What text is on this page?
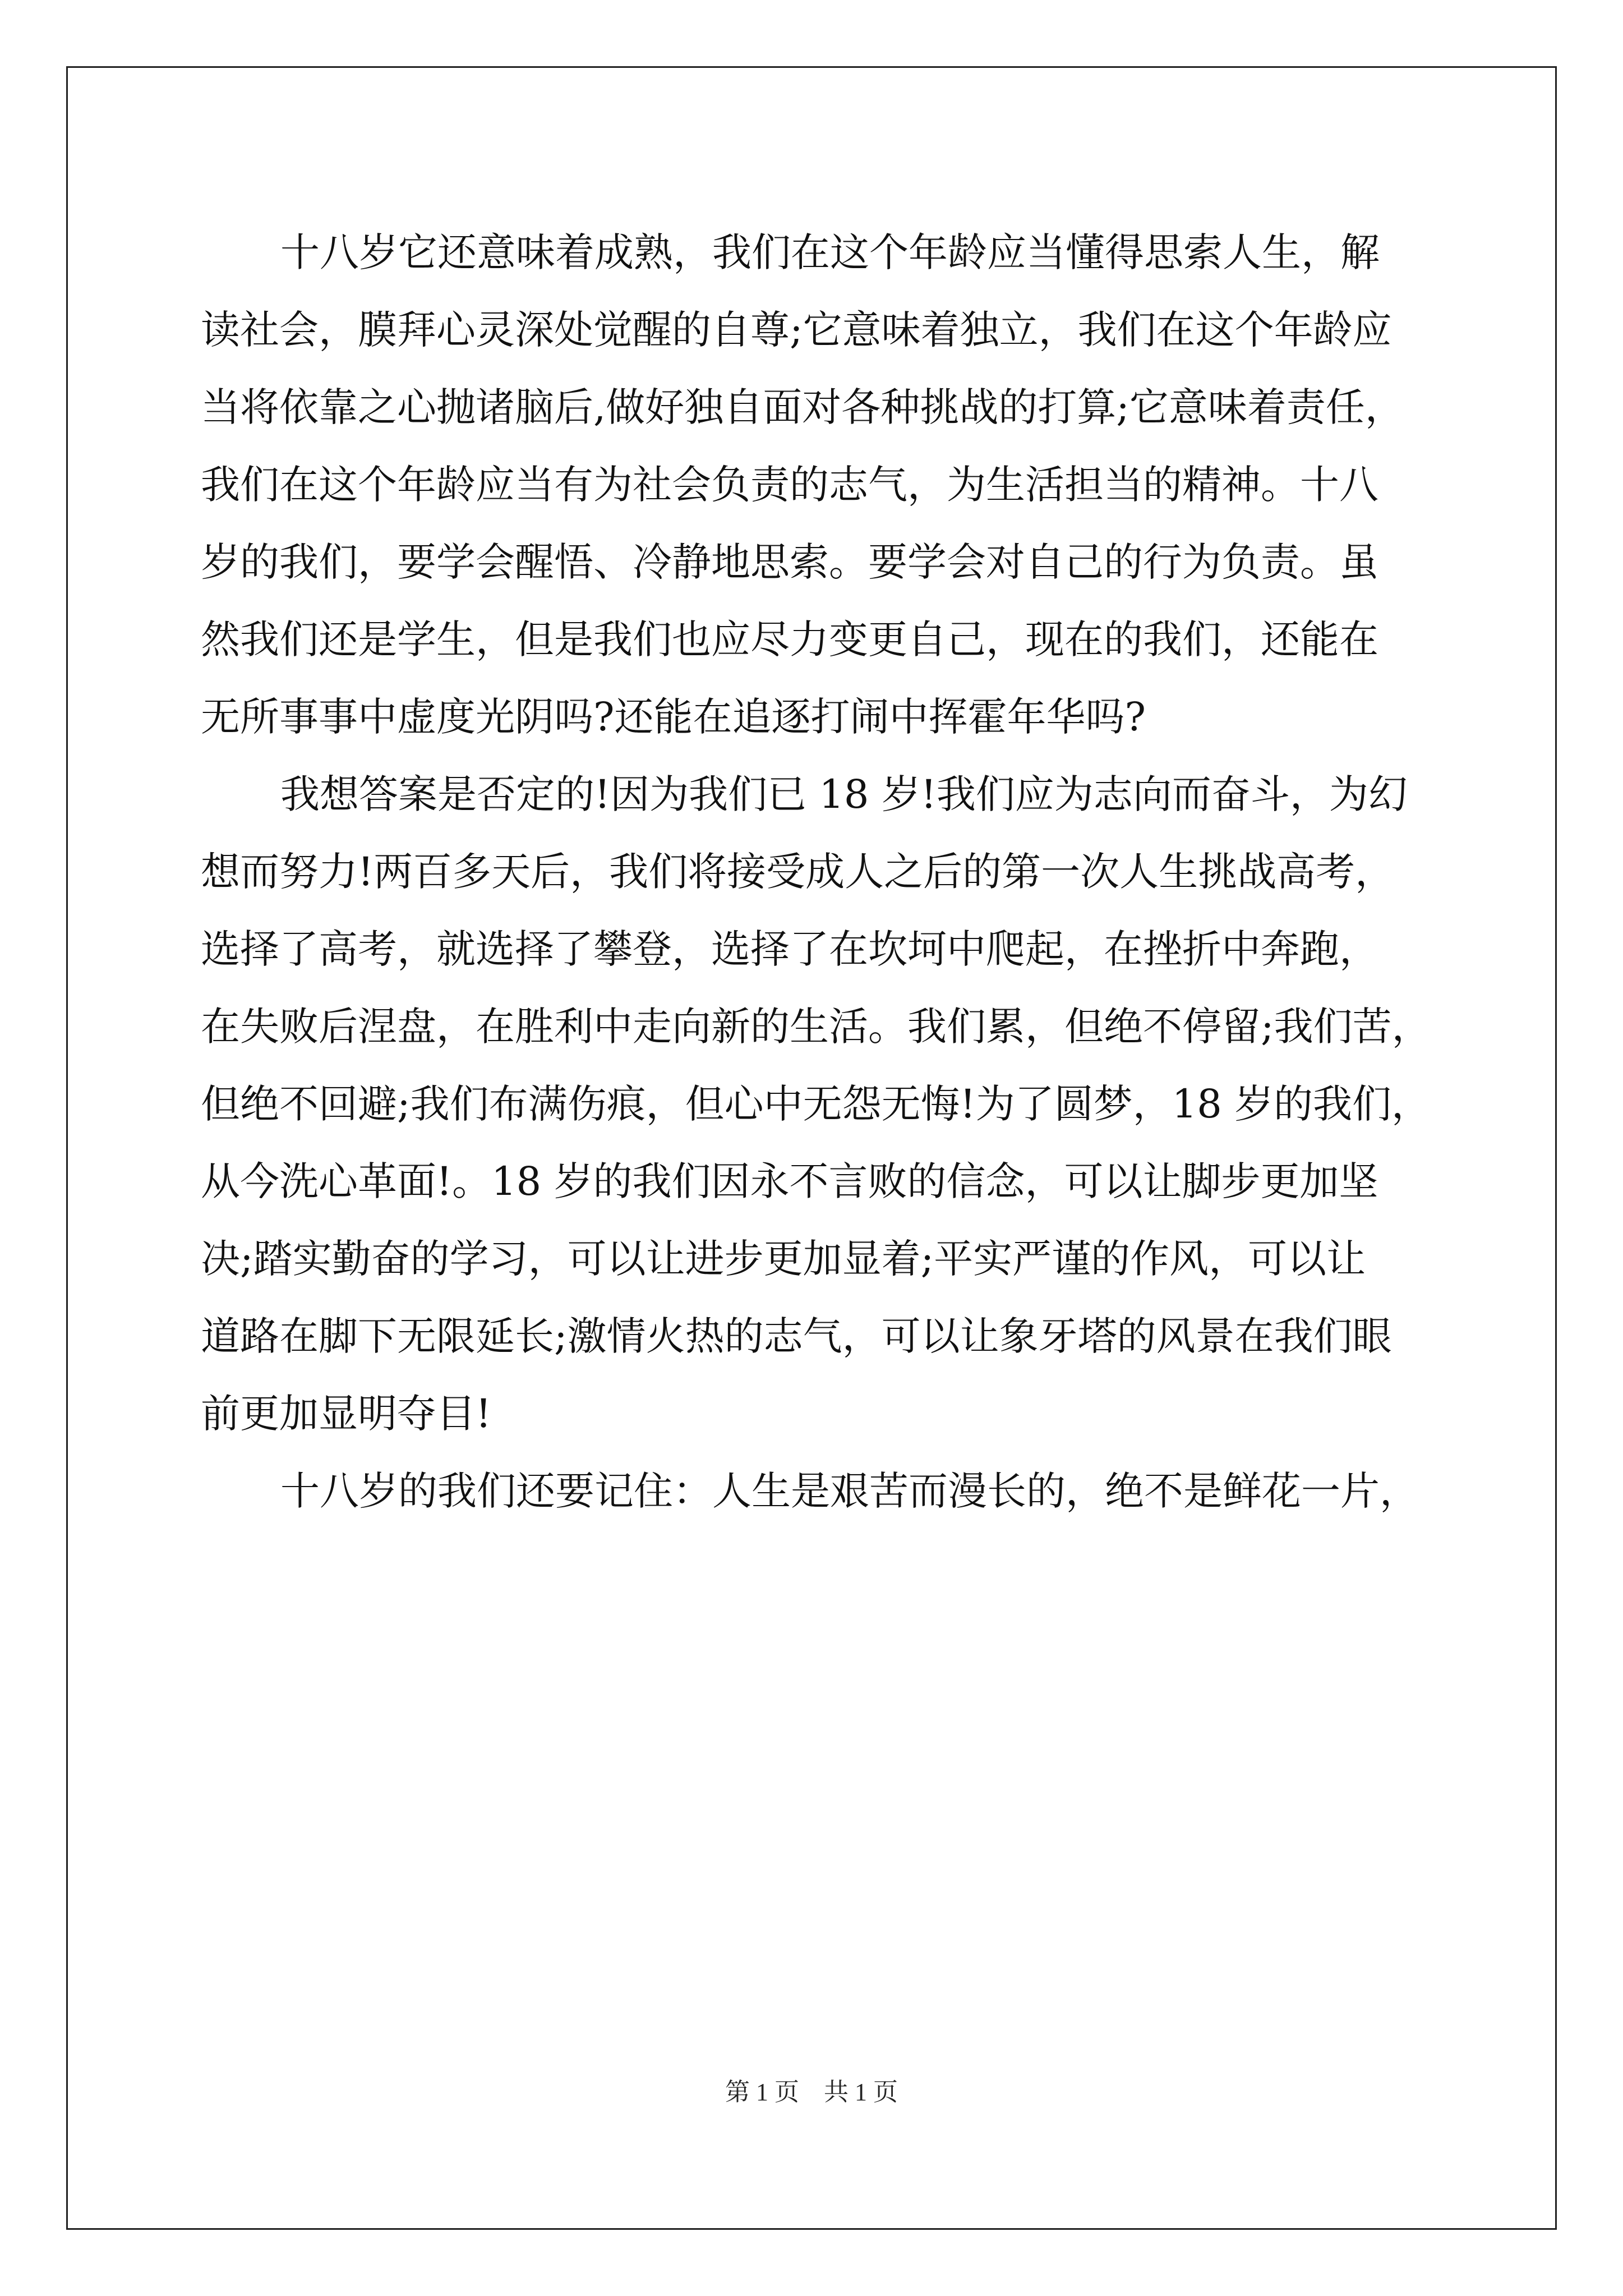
十八岁它还意味着成熟，我们在这个年龄应当懂得思索人生，解
读社会，膜拜心灵深处觉醒的自尊;它意味着独立，我们在这个年龄应
当将依靠之心抛诸脑后,做好独自面对各种挑战的打算;它意味着责任，
我们在这个年龄应当有为社会负责的志气，为生活担当的精神。十八
岁的我们，要学会醒悟、冷静地思索。要学会对自己的行为负责。虽
然我们还是学生，但是我们也应尽力变更自己，现在的我们，还能在
无所事事中虚度光阴吗?还能在追逐打闹中挥霍年华吗?
我想答案是否定的!因为我们已 18 岁!我们应为志向而奋斗，为幻
想而努力!两百多天后，我们将接受成人之后的第一次人生挑战高考，
选择了高考，就选择了攀登，选择了在坎坷中爬起，在挫折中奔跑，
在失败后涅盘，在胜利中走向新的生活。我们累，但绝不停留;我们苦，
但绝不回避;我们布满伤痕，但心中无怨无悔!为了圆梦，18 岁的我们，
从今洗心革面!。18 岁的我们因永不言败的信念，可以让脚步更加坚
决;踏实勤奋的学习，可以让进步更加显着;平实严谨的作风，可以让
道路在脚下无限延长;激情火热的志气，可以让象牙塔的风景在我们眼
前更加显明夺目!
十八岁的我们还要记住：人生是艰苦而漫长的，绝不是鲜花一片，
第 1 页　共 1 页
